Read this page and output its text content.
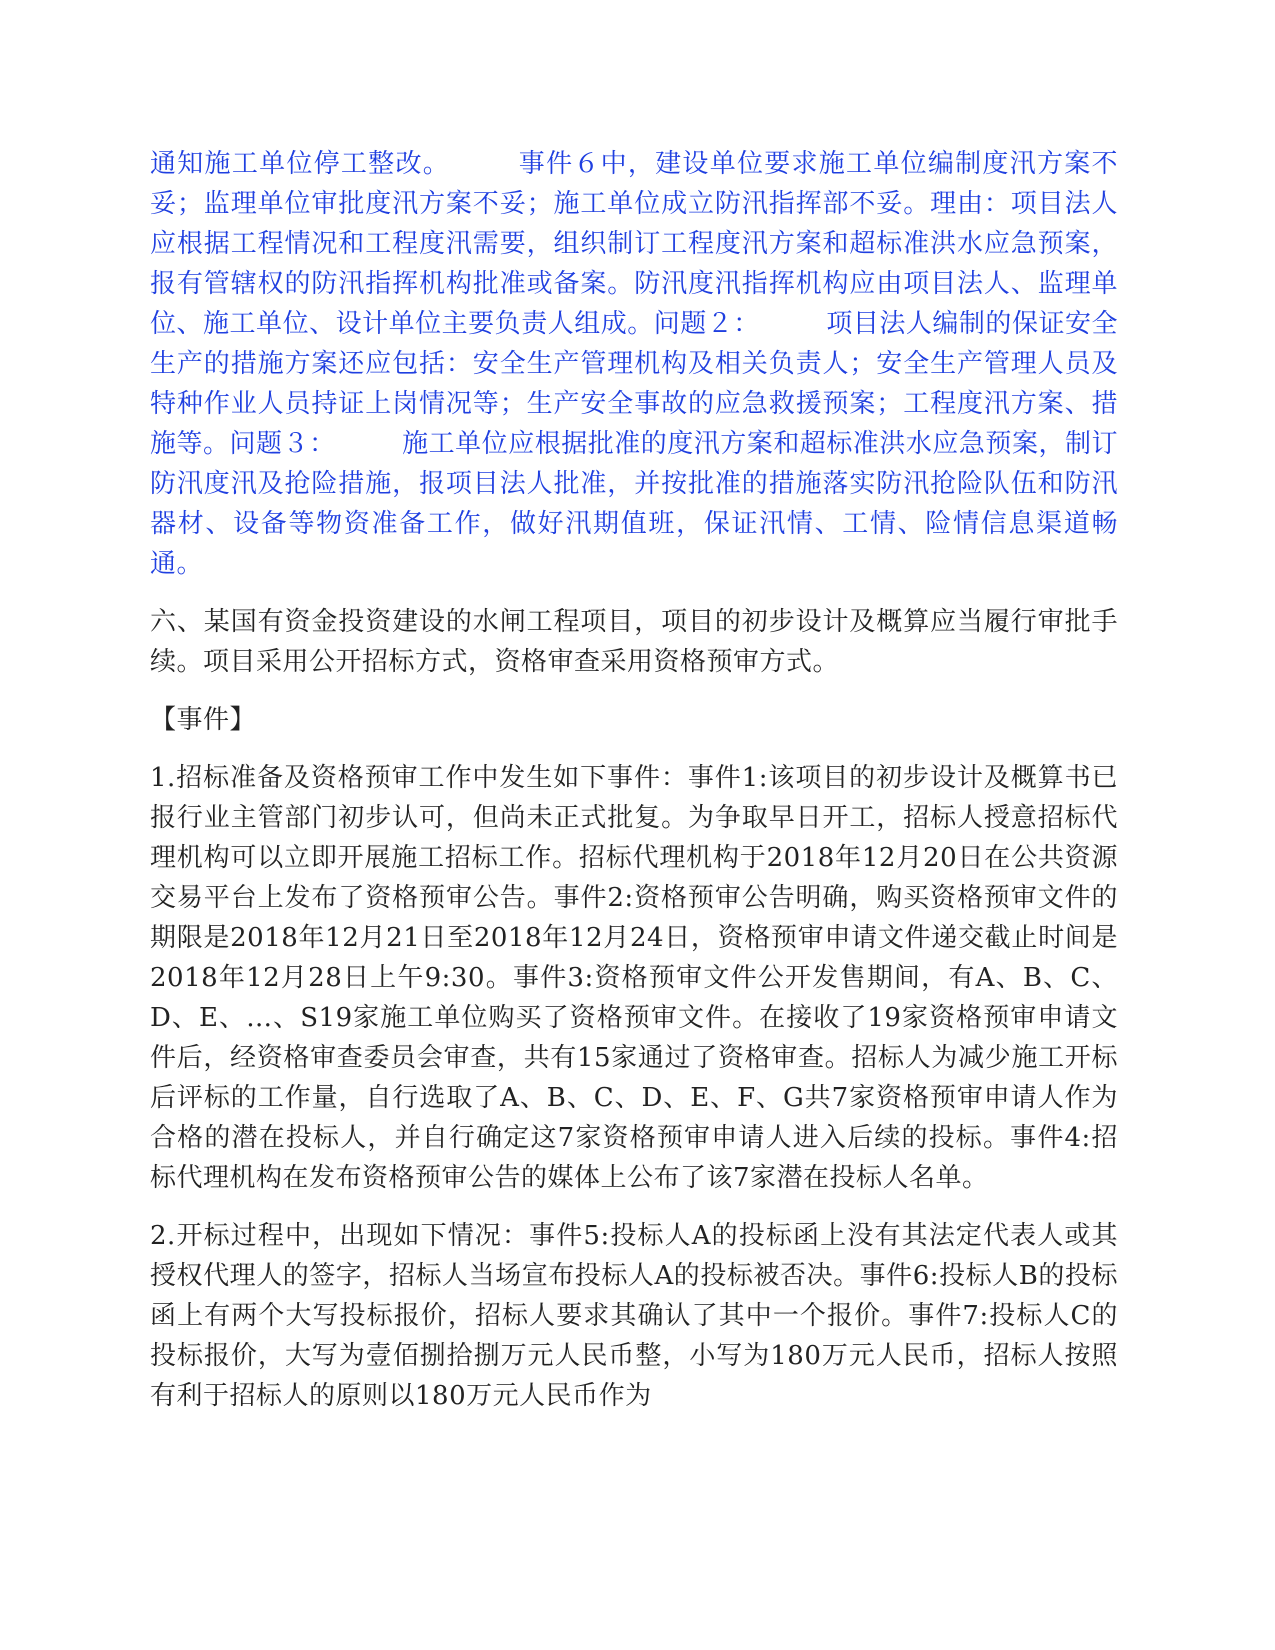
通知施工单位停工整改。　　　事件６中，建设单位要求施工单位编制度汛方案不妥；监理单位审批度汛方案不妥；施工单位成立防汛指挥部不妥。理由：项目法人应根据工程情况和工程度汛需要，组织制订工程度汛方案和超标准洪水应急预案，报有管辖权的防汛指挥机构批准或备案。防汛度汛指挥机构应由项目法人、监理单位、施工单位、设计单位主要负责人组成。问题２：　　　项目法人编制的保证安全生产的措施方案还应包括：安全生产管理机构及相关负责人；安全生产管理人员及特种作业人员持证上岗情况等；生产安全事故的应急救援预案；工程度汛方案、措施等。问题３：　　　施工单位应根据批准的度汛方案和超标准洪水应急预案，制订防汛度汛及抢险措施，报项目法人批准，并按批准的措施落实防汛抢险队伍和防汛器材、设备等物资准备工作，做好汛期值班，保证汛情、工情、险情信息渠道畅通。

六、某国有资金投资建设的水闸工程项目，项目的初步设计及概算应当履行审批手续。项目采用公开招标方式，资格审查采用资格预审方式。

【事件】

1.招标准备及资格预审工作中发生如下事件：事件1:该项目的初步设计及概算书已报行业主管部门初步认可，但尚未正式批复。为争取早日开工，招标人授意招标代理机构可以立即开展施工招标工作。招标代理机构于2018年12月20日在公共资源交易平台上发布了资格预审公告。事件2:资格预审公告明确，购买资格预审文件的期限是2018年12月21日至2018年12月24日，资格预审申请文件递交截止时间是2018年12月28日上午9:30。事件3:资格预审文件公开发售期间，有A、B、C、D、E、…、S19家施工单位购买了资格预审文件。在接收了19家资格预审申请文件后，经资格审查委员会审查，共有15家通过了资格审查。招标人为减少施工开标后评标的工作量，自行选取了A、B、C、D、E、F、G共7家资格预审申请人作为合格的潜在投标人，并自行确定这7家资格预审申请人进入后续的投标。事件4:招标代理机构在发布资格预审公告的媒体上公布了该7家潜在投标人名单。

2.开标过程中，出现如下情况：事件5:投标人A的投标函上没有其法定代表人或其授权代理人的签字，招标人当场宣布投标人A的投标被否决。事件6:投标人B的投标函上有两个大写投标报价，招标人要求其确认了其中一个报价。事件7:投标人C的投标报价，大写为壹佰捌拾捌万元人民币整，小写为180万元人民币，招标人按照有利于招标人的原则以180万元人民币作为
